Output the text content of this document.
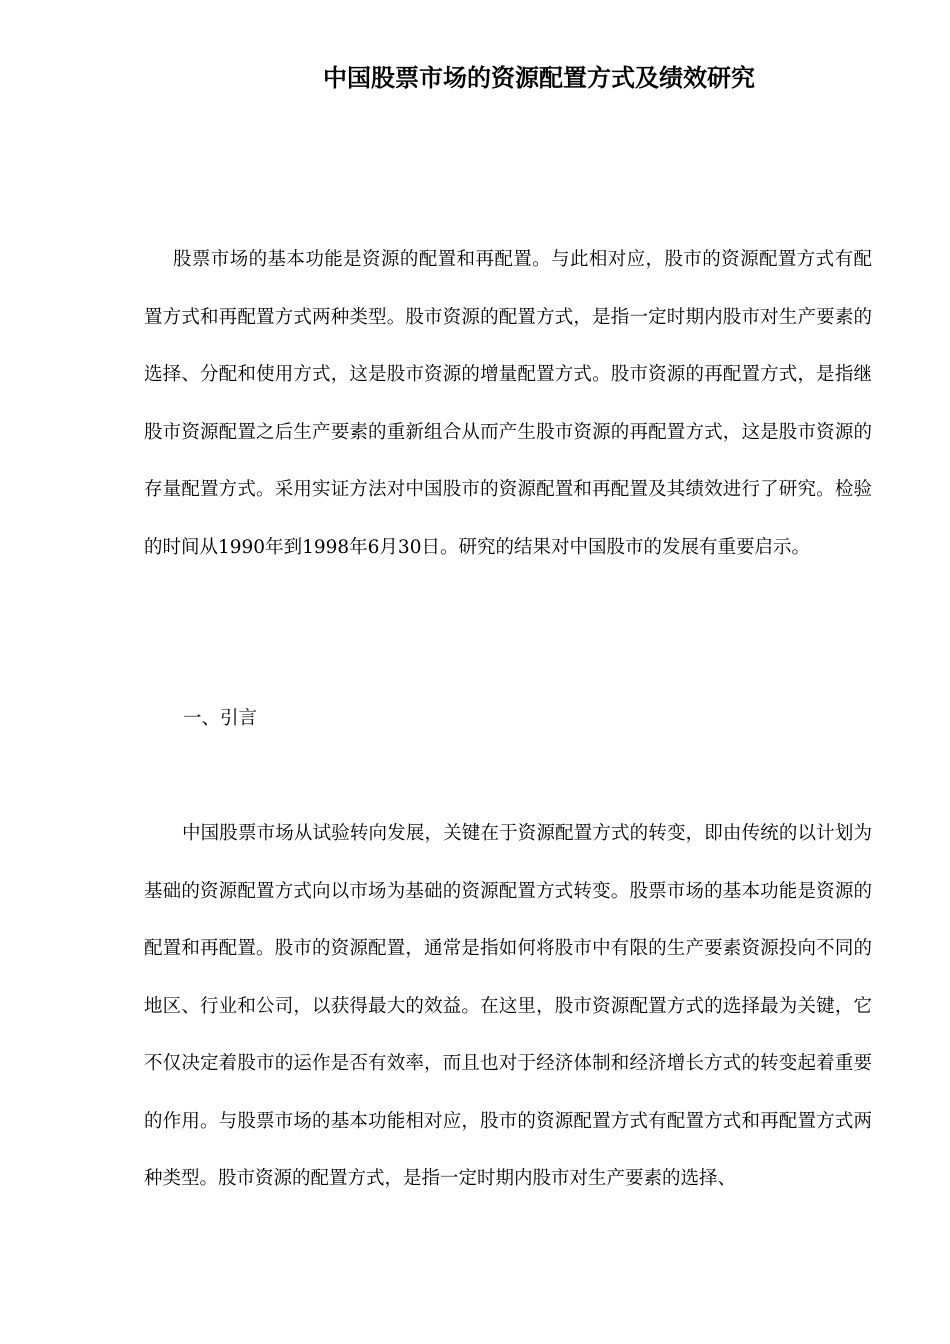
中国股票市场的资源配置方式及绩效研究

股票市场的基本功能是资源的配置和再配置。与此相对应，股市的资源配置方式有配置方式和再配置方式两种类型。股市资源的配置方式，是指一定时期内股市对生产要素的选择、分配和使用方式，这是股市资源的增量配置方式。股市资源的再配置方式，是指继股市资源配置之后生产要素的重新组合从而产生股市资源的再配置方式，这是股市资源的存量配置方式。采用实证方法对中国股市的资源配置和再配置及其绩效进行了研究。检验的时间从1990年到1998年6月30日。研究的结果对中国股市的发展有重要启示。

一、引言

中国股票市场从试验转向发展，关键在于资源配置方式的转变，即由传统的以计划为基础的资源配置方式向以市场为基础的资源配置方式转变。股票市场的基本功能是资源的配置和再配置。股市的资源配置，通常是指如何将股市中有限的生产要素资源投向不同的地区、行业和公司，以获得最大的效益。在这里，股市资源配置方式的选择最为关键，它不仅决定着股市的运作是否有效率，而且也对于经济体制和经济增长方式的转变起着重要的作用。与股票市场的基本功能相对应，股市的资源配置方式有配置方式和再配置方式两种类型。股市资源的配置方式，是指一定时期内股市对生产要素的选择、
